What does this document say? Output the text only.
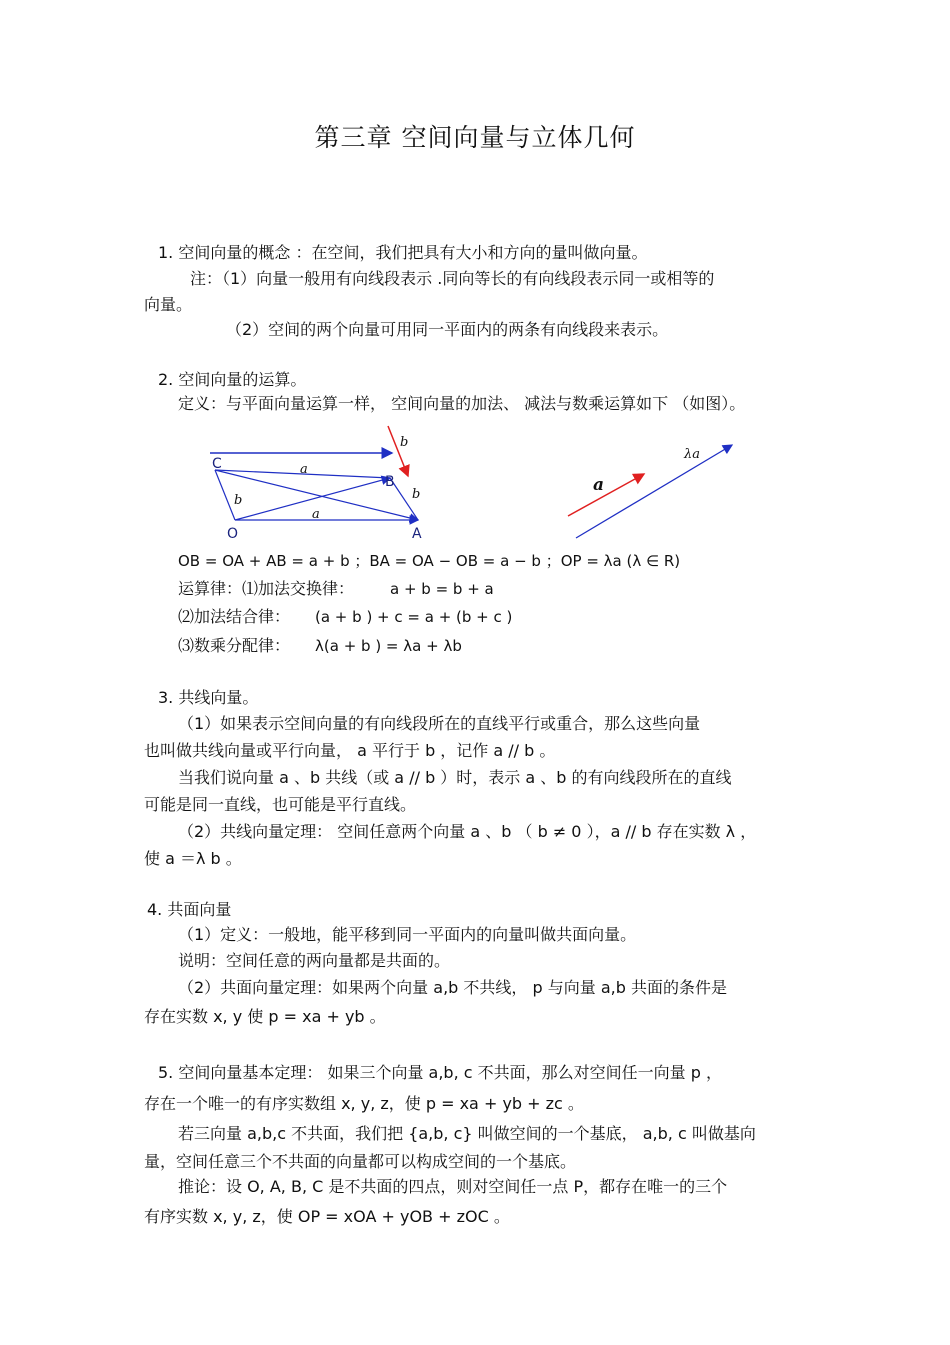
第三章 空间向量与立体几何
1. 空间向量的概念 ：在空间，我们把具有大小和方向的量叫做向量。
注：（1）向量一般用有向线段表示 .同向等长的有向线段表示同一或相等的
向量。
（2）空间的两个向量可用同一平面内的两条有向线段来表示。
2. 空间向量的运算。
定义：与平面向量运算一样， 空间向量的加法、 减法与数乘运算如下 （如图）。
C
B
O	A
a
b
a
b
b	a
λa
OB = OA + AB = a + b ；BA = OA − OB = a − b ；OP = λa (λ ∈ R)
运算律：⑴加法交换律： a + b = b + a
⑵加法结合律： (a + b ) + c = a + (b + c )
⑶数乘分配律： λ(a + b ) = λa + λb
3. 共线向量。
（1）如果表示空间向量的有向线段所在的直线平行或重合，那么这些向量
也叫做共线向量或平行向量， a 平行于 b ，记作 a // b 。
当我们说向量 a 、b 共线（或 a // b ）时，表示 a 、b 的有向线段所在的直线
可能是同一直线，也可能是平行直线。
（2）共线向量定理： 空间任意两个向量 a 、b （ b ≠ 0 ），a // b 存在实数 λ ，
使 a ＝λ b 。
4. 共面向量
（1）定义：一般地，能平移到同一平面内的向量叫做共面向量。
说明：空间任意的两向量都是共面的。
（2）共面向量定理：如果两个向量 a,b 不共线， p 与向量 a,b 共面的条件是
存在实数 x, y 使 p = xa + yb 。
5. 空间向量基本定理： 如果三个向量 a,b, c 不共面，那么对空间任一向量 p ，
存在一个唯一的有序实数组 x, y, z，使 p = xa + yb + zc 。
若三向量 a,b,c 不共面，我们把 {a,b, c} 叫做空间的一个基底， a,b, c 叫做基向
量，空间任意三个不共面的向量都可以构成空间的一个基底。
推论：设 O, A, B, C 是不共面的四点，则对空间任一点 P，都存在唯一的三个
有序实数 x, y, z，使 OP = xOA + yOB + zOC 。
